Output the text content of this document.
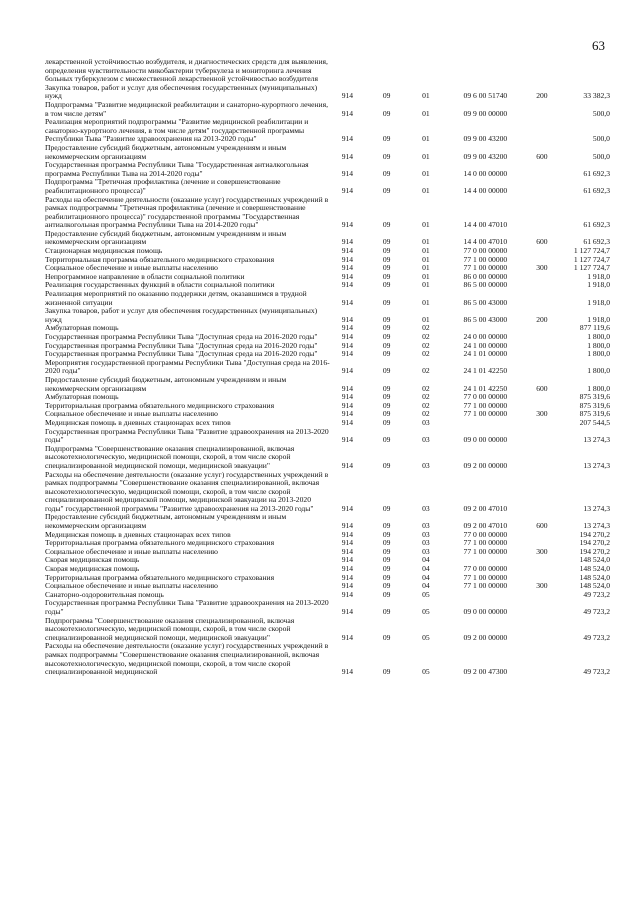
63
лекарственной устойчивостью возбудителя, и диагностических средств для выявления, определения чувствительности микобактерии туберкулеза и мониторинга лечения больных туберкулезом с множественной лекарственной устойчивостью возбудителя
Закупка товаров, работ и услуг для обеспечения государственных (муниципальных) нужд	914	09	01	09 6 00 51740	200	33 382,3
Подпрограмма "Развитие медицинской реабилитации и санаторно-курортного лечения, в том числе детям"	914	09	01	09 9 00 00000	500,0
Реализация мероприятий подпрограммы "Развитие медицинской реабилитации и санаторно-курортного лечения, в том числе детям" государственной программы Республики Тыва "Развитие здравоохранения на 2013-2020 годы"	914	09	01	09 9 00 43200	500,0
Предоставление субсидий бюджетным, автономным учреждениям и иным некоммерческим организациям	914	09	01	09 9 00 43200	600	500,0
Государственная программа Республики Тыва "Государственная антиалкогольная программа Республики Тыва на 2014-2020 годы"	914	09	01	14 0 00 00000	61 692,3
Подпрограмма "Третичная профилактика (лечение и совершенствование реабилитационного процесса)"	914	09	01	14 4 00 00000	61 692,3
Расходы на обеспечение деятельности (оказание услуг) государственных учреждений в рамках подпрограммы "Третичная профилактика (лечение и совершенствование реабилитационного процесса)" государственной программы "Государственная антиалкогольная программа Республики Тыва на 2014-2020 годы"	914	09	01	14 4 00 47010	61 692,3
Предоставление субсидий бюджетным, автономным учреждениям и иным некоммерческим организациям	914	09	01	14 4 00 47010	600	61 692,3
Стационарная медицинская помощь	914	09	01	77 0 00 00000	1 127 724,7
Территориальная программа обязательного медицинского страхования	914	09	01	77 1 00 00000	1 127 724,7
Социальное обеспечение и иные выплаты населению	914	09	01	77 1 00 00000	300	1 127 724,7
Непрограммное направление в области социальной политики	914	09	01	86 0 00 00000	1 918,0
Реализация государственных функций в области социальной политики	914	09	01	86 5 00 00000	1 918,0
Реализация мероприятий по оказанию поддержки детям, оказавшимся в трудной жизненной ситуации	914	09	01	86 5 00 43000	1 918,0
Закупка товаров, работ и услуг для обеспечения государственных (муниципальных) нужд	914	09	01	86 5 00 43000	200	1 918,0
Амбулаторная помощь	914	09	02	877 119,6
Государственная программа Республики Тыва "Доступная среда на 2016-2020 годы"	914	09	02	24 0 00 00000	1 800,0
Государственная программа Республики Тыва "Доступная среда на 2016-2020 годы"	914	09	02	24 1 00 00000	1 800,0
Государственная программа Республики Тыва "Доступная среда на 2016-2020 годы"	914	09	02	24 1 01 00000	1 800,0
Мероприятия государственной программы Республики Тыва "Доступная среда на 2016-2020 годы"	914	09	02	24 1 01 42250	1 800,0
Предоставление субсидий бюджетным, автономным учреждениям и иным некоммерческим организациям	914	09	02	24 1 01 42250	600	1 800,0
Амбулаторная помощь	914	09	02	77 0 00 00000	875 319,6
Территориальная программа обязательного медицинского страхования	914	09	02	77 1 00 00000	875 319,6
Социальное обеспечение и иные выплаты населению	914	09	02	77 1 00 00000	300	875 319,6
Медицинская помощь в дневных стационарах всех типов	914	09	03	207 544,5
Государственная программа Республики Тыва "Развитие здравоохранения на 2013-2020 годы"	914	09	03	09 0 00 00000	13 274,3
Подпрограмма "Совершенствование оказания специализированной, включая высокотехнологическую, медицинской помощи, скорой, в том числе скорой специализированной медицинской помощи, медицинской эвакуации"	914	09	03	09 2 00 00000	13 274,3
Расходы на обеспечение деятельности (оказание услуг) государственных учреждений в рамках подпрограммы "Совершенствование оказания специализированной, включая высокотехнологическую, медицинской помощи, скорой, в том числе скорой специализированной медицинской помощи, медицинской эвакуации на 2013-2020 годы" государственной программы "Развитие здравоохранения на 2013-2020 годы"	914	09	03	09 2 00 47010	13 274,3
Предоставление субсидий бюджетным, автономным учреждениям и иным некоммерческим организациям	914	09	03	09 2 00 47010	600	13 274,3
Медицинская помощь в дневных стационарах всех типов	914	09	03	77 0 00 00000	194 270,2
Территориальная программа обязательного медицинского страхования	914	09	03	77 1 00 00000	194 270,2
Социальное обеспечение и иные выплаты населению	914	09	03	77 1 00 00000	300	194 270,2
Скорая медицинская помощь	914	09	04	148 524,0
Скорая медицинская помощь	914	09	04	77 0 00 00000	148 524,0
Территориальная программа обязательного медицинского страхования	914	09	04	77 1 00 00000	148 524,0
Социальное обеспечение и иные выплаты населению	914	09	04	77 1 00 00000	300	148 524,0
Санаторно-оздоровительная помощь	914	09	05	49 723,2
Государственная программа Республики Тыва "Развитие здравоохранения на 2013-2020 годы"	914	09	05	09 0 00 00000	49 723,2
Подпрограмма "Совершенствование оказания специализированной, включая высокотехнологическую, медицинской помощи, скорой, в том числе скорой специализированной медицинской помощи, медицинской эвакуации"	914	09	05	09 2 00 00000	49 723,2
Расходы на обеспечение деятельности (оказание услуг) государственных учреждений в рамках подпрограммы "Совершенствование оказания специализированной, включая высокотехнологическую, медицинской помощи, скорой, в том числе скорой специализированной медицинской	914	09	05	09 2 00 47300	49 723,2
